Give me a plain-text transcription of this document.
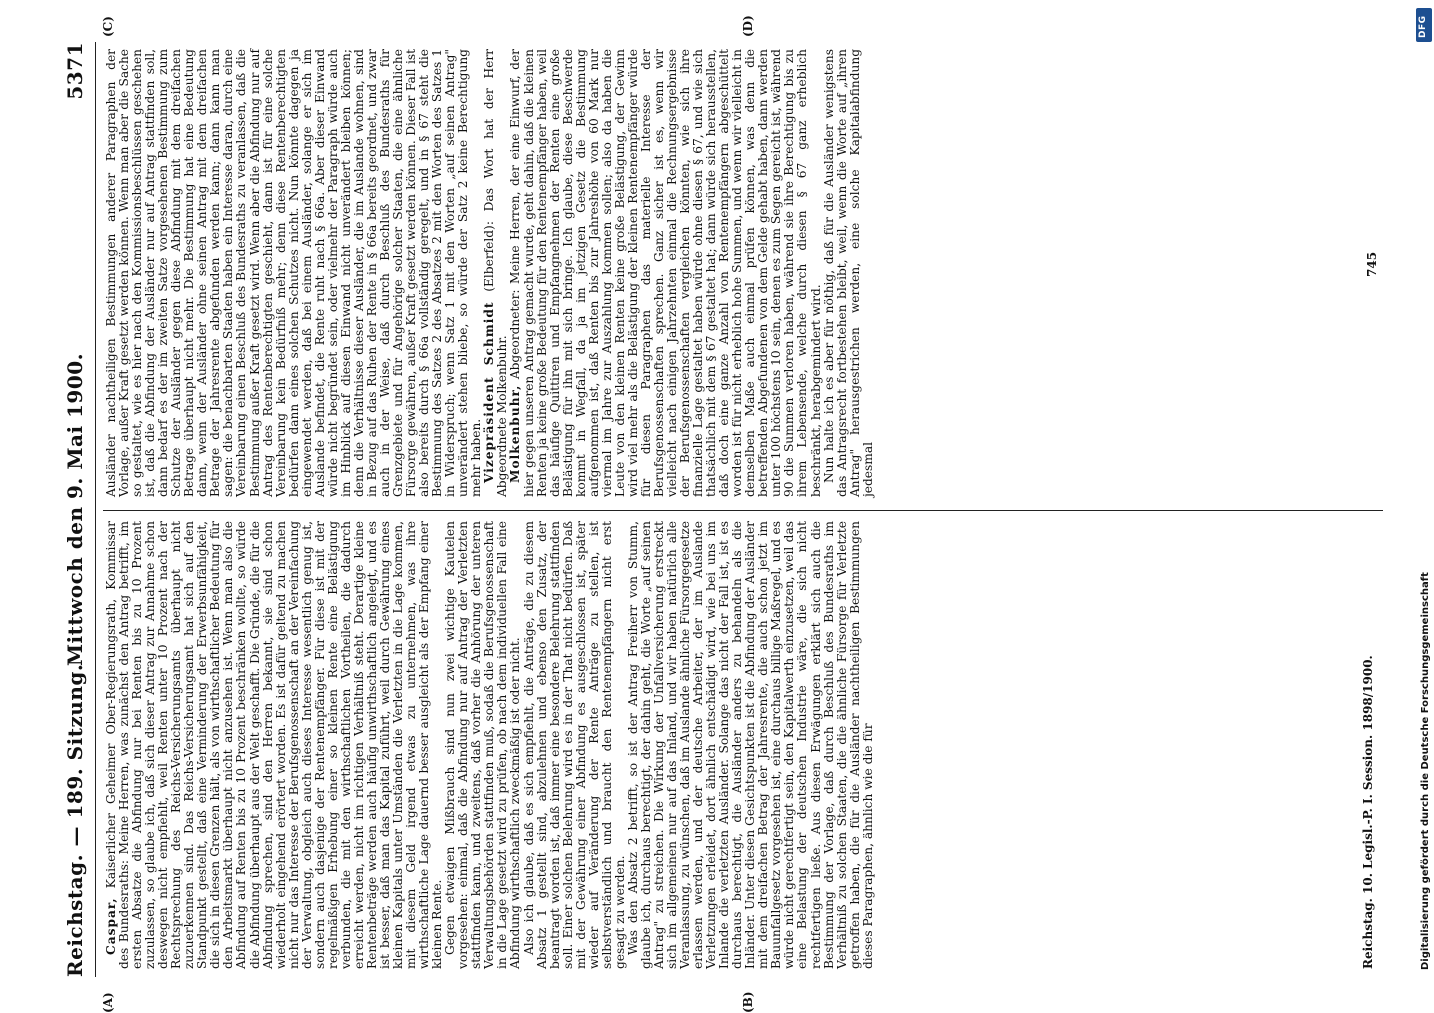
Reichstag. — 189. Sitzung.
Mittwoch den 9. Mai 1900.
5371
(A)	(B)
(C)	(D)

Caspar, Kaiserlicher Geheimer Ober-Regierungsrath, Kommissar des Bundesraths: Meine Herren, was zunächst den Antrag betrifft, im ersten Absatze die Abfindung nur bei Renten bis zu 10 Prozent zuzulassen, so glaube ich, daß sich dieser Antrag zur Annahme schon deswegen nicht empfiehlt, weil Renten unter 10 Prozent nach der Rechtsprechung des Reichs-Versicherungsamts überhaupt nicht zuzuerkennen sind. Das Reichs-Versicherungsamt hat sich auf den Standpunkt gestellt, daß eine Verminderung der Erwerbsunfähigkeit, die sich in diesen Grenzen hält, als von wirthschaftlicher Bedeutung für den Arbeitsmarkt überhaupt nicht anzusehen ist. Wenn man also die Abfindung auf Renten bis zu 10 Prozent beschränken wollte, so würde die Abfindung überhaupt aus der Welt geschafft. Die Gründe, die für die Abfindung sprechen, sind den Herren bekannt, sie sind schon wiederholt eingehend erörtert worden. Es ist dafür geltend zu machen nicht nur das Interesse der Berufsgenossenschaft an der Vereinfachung der Verwaltung, obgleich auch dieses Interesse wesentlich genug ist, sondern auch dasjenige der Rentenempfänger. Für diese ist mit der regelmäßigen Erhebung einer so kleinen Rente eine Belästigung verbunden, die mit den wirthschaftlichen Vortheilen, die dadurch erreicht werden, nicht im richtigen Verhältniß steht. Derartige kleine Rentenbeträge werden auch häufig unwirthschaftlich angelegt, und es ist besser, daß man das Kapital zuführt, weil durch Gewährung eines kleinen Kapitals unter Umständen die Verletzten in die Lage kommen, mit diesem Geld irgend etwas zu unternehmen, was ihre wirthschaftliche Lage dauernd besser ausgleicht als der Empfang einer kleinen Rente. Gegen etwaigen Mißbrauch sind nun zwei wichtige Kautelen vorgesehen: einmal, daß die Abfindung nur auf Antrag der Verletzten stattfinden kann, und zweitens, daß vorher die Anhörung der unteren Verwaltungsbehörden stattfinden muß, sodaß die Berufsgenossenschaft in die Lage gesetzt wird zu prüfen, ob nach dem individuellen Fall eine Abfindung wirthschaftlich zweckmäßig ist oder nicht. Also ich glaube, daß es sich empfiehlt, die Anträge, die zu diesem Absatz 1 gestellt sind, abzulehnen und ebenso den Zusatz, der beantragt worden ist, daß immer eine besondere Belehrung stattfinden soll. Einer solchen Belehrung wird es in der That nicht bedürfen. Daß mit der Gewährung einer Abfindung es ausgeschlossen ist, später wieder auf Veränderung der Rente Anträge zu stellen, ist selbstverständlich und braucht den Rentenempfängern nicht erst gesagt zu werden. Was den Absatz 2 betrifft, so ist der Antrag Freiherr von Stumm, glaube ich, durchaus berechtigt, der dahin geht, die Worte „auf seinen Antrag" zu streichen. Die Wirkung der Unfallversicherung erstreckt sich im allgemeinen nur auf das Inland, und wir haben natürlich alle Veranlassung, zu wünschen, daß im Auslande ähnliche Fürsorgegesetze erlassen werden, und der deutsche Arbeiter, der im Auslande Verletzungen erleidet, dort ähnlich entschädigt wird, wie bei uns im Inlande die verletzten Ausländer. Solange das nicht der Fall ist, ist es durchaus berechtigt, die Ausländer anders zu behandeln als die Inländer. Unter diesen Gesichtspunkten ist die Abfindung der Ausländer mit dem dreifachen Betrag der Jahresrente, die auch schon jetzt im Bauunfallgesetz vorgesehen ist, eine durchaus billige Maßregel, und es würde nicht gerechtfertigt sein, den Kapitalwerth einzusetzen, weil das eine Belastung der deutschen Industrie wäre, die sich nicht rechtfertigen ließe. Aus diesen Erwägungen erklärt sich auch die Bestimmung der Vorlage, daß durch Beschluß des Bundesraths im Verhältniß zu solchen Staaten, die die ähnliche Fürsorge für Verletzte getroffen haben, die für die Ausländer nachtheiligen Bestimmungen dieses Paragraphen, ähnlich wie die für

Ausländer nachtheiligen Bestimmungen anderer Paragraphen der Vorlage, außer Kraft gesetzt werden können. Wenn man aber die Sache so gestaltet, wie es hier nach den Kommissionsbeschlüssen geschehen ist, daß die Abfindung der Ausländer nur auf Antrag stattfinden soll, dann bedarf es der im zweiten Satze vorgesehenen Bestimmung zum Schutze der Ausländer gegen diese Abfindung mit dem dreifachen Betrage überhaupt nicht mehr. Die Bestimmung hat eine Bedeutung dann, wenn der Ausländer ohne seinen Antrag mit dem dreifachen Betrage der Jahresrente abgefunden werden kann; dann kann man sagen: die benachbarten Staaten haben ein Interesse daran, durch eine Vereinbarung einen Beschluß des Bundesraths zu veranlassen, daß die Bestimmung außer Kraft gesetzt wird. Wenn aber die Abfindung nur auf Antrag des Rentenberechtigten geschieht, dann ist für eine solche Vereinbarung kein Bedürfniß mehr; denn diese Rentenberechtigten bedürfen dann eines solchen Schutzes nicht. Nun könnte dagegen ja eingewendet werden, daß bei einem Ausländer, solange er sich im Auslande befindet, die Rente ruht nach § 66a. Aber dieser Einwand würde nicht begründet sein, oder vielmehr der Paragraph würde auch im Hinblick auf diesen Einwand nicht unverändert bleiben können; denn die Verhältnisse dieser Ausländer, die im Auslande wohnen, sind in Bezug auf das Ruhen der Rente in § 66a bereits geordnet, und zwar auch in der Weise, daß durch Beschluß des Bundesraths für Grenzgebiete und für Angehörige solcher Staaten, die eine ähnliche Fürsorge gewähren, außer Kraft gesetzt werden können. Dieser Fall ist also bereits durch § 66a vollständig geregelt, und in § 67 steht die Bestimmung des Satzes 2 des Absatzes 2 mit den Worten des Satzes 1 in Widerspruch; wenn Satz 1 mit den Worten „auf seinen Antrag" unverändert stehen bliebe, so würde der Satz 2 keine Berechtigung mehr haben. Vizepräsident Schmidt (Elberfeld): Das Wort hat der Herr Abgeordnete Molkenbuhr. Molkenbuhr, Abgeordneter: Meine Herren, der eine Einwurf, der hier gegen unseren Antrag gemacht wurde, geht dahin, daß die kleinen Renten ja keine große Bedeutung für den Rentenempfänger haben, weil das häufige Quittiren und Empfangnehmen der Renten eine große Belästigung für ihn mit sich bringe. Ich glaube, diese Beschwerde kommt in Wegfall, da ja im jetzigen Gesetz die Bestimmung aufgenommen ist, daß Renten bis zur Jahreshöhe von 60 Mark nur viermal im Jahre zur Auszahlung kommen sollen; also da haben die Leute von den kleinen Renten keine große Belästigung, der Gewinn wird viel mehr als die Belästigung der kleinen Rentenempfänger würde für diesen Paragraphen das materielle Interesse der Berufsgenossenschaften sprechen. Ganz sicher ist es, wenn wir vielleicht nach einigen Jahrzehnten einmal die Rechnungsergebnisse der Berufsgenossenschaften vergleichen könnten, wie sich ihre finanzielle Lage gestaltet haben würde ohne diesen § 67, und wie sich thatsächlich mit dem § 67 gestaltet hat; dann würde sich herausstellen, daß doch eine ganze Anzahl von Rentenempfängern abgeschüttelt worden ist für nicht erheblich hohe Summen, und wenn wir vielleicht in demselben Maße auch einmal prüfen können, was denn die betreffenden Abgefundenen von dem Gelde gehabt haben, dann werden unter 100 höchstens 10 sein, denen es zum Segen gereicht ist, während 90 die Summen verloren haben, während sie ihre Berechtigung bis zu ihrem Lebensende, welche durch diesen § 67 ganz erheblich beschränkt, herabgemindert wird. Nun halte ich es aber für nöthig, daß für die Ausländer wenigstens das Antragsrecht fortbestehen bleibt, weil, wenn die Worte auf „ihren Antrag" herausgestrichen werden, eine solche Kapitalabfindung jedesmal

Reichstag. 10. Legisl.-P. I. Session. 1898/1900.
745
Digitalisierung gefördert durch die Deutsche Forschungsgemeinschaft
DFG
